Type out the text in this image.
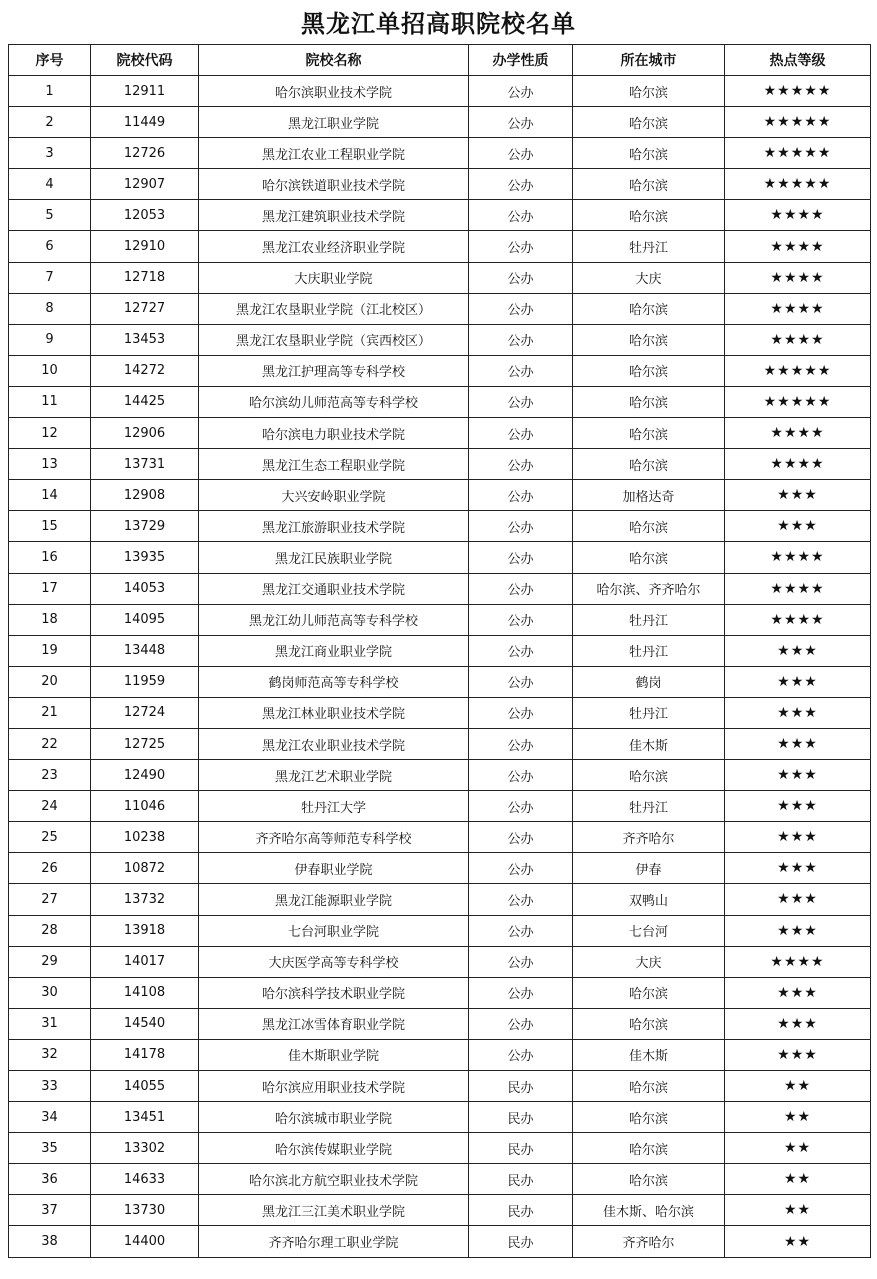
黑龙江单招高职院校名单
序号	院校代码	院校名称	办学性质	所在城市	热点等级
1	12911	哈尔滨职业技术学院	公办	哈尔滨	★★★★★
2	11449	黑龙江职业学院	公办	哈尔滨	★★★★★
3	12726	黑龙江农业工程职业学院	公办	哈尔滨	★★★★★
4	12907	哈尔滨铁道职业技术学院	公办	哈尔滨	★★★★★
5	12053	黑龙江建筑职业技术学院	公办	哈尔滨	★★★★
6	12910	黑龙江农业经济职业学院	公办	牡丹江	★★★★
7	12718	大庆职业学院	公办	大庆	★★★★
8	12727	黑龙江农垦职业学院（江北校区）	公办	哈尔滨	★★★★
9	13453	黑龙江农垦职业学院（宾西校区）	公办	哈尔滨	★★★★
10	14272	黑龙江护理高等专科学校	公办	哈尔滨	★★★★★
11	14425	哈尔滨幼儿师范高等专科学校	公办	哈尔滨	★★★★★
12	12906	哈尔滨电力职业技术学院	公办	哈尔滨	★★★★
13	13731	黑龙江生态工程职业学院	公办	哈尔滨	★★★★
14	12908	大兴安岭职业学院	公办	加格达奇	★★★
15	13729	黑龙江旅游职业技术学院	公办	哈尔滨	★★★
16	13935	黑龙江民族职业学院	公办	哈尔滨	★★★★
17	14053	黑龙江交通职业技术学院	公办	哈尔滨、齐齐哈尔	★★★★
18	14095	黑龙江幼儿师范高等专科学校	公办	牡丹江	★★★★
19	13448	黑龙江商业职业学院	公办	牡丹江	★★★
20	11959	鹤岗师范高等专科学校	公办	鹤岗	★★★
21	12724	黑龙江林业职业技术学院	公办	牡丹江	★★★
22	12725	黑龙江农业职业技术学院	公办	佳木斯	★★★
23	12490	黑龙江艺术职业学院	公办	哈尔滨	★★★
24	11046	牡丹江大学	公办	牡丹江	★★★
25	10238	齐齐哈尔高等师范专科学校	公办	齐齐哈尔	★★★
26	10872	伊春职业学院	公办	伊春	★★★
27	13732	黑龙江能源职业学院	公办	双鸭山	★★★
28	13918	七台河职业学院	公办	七台河	★★★
29	14017	大庆医学高等专科学校	公办	大庆	★★★★
30	14108	哈尔滨科学技术职业学院	公办	哈尔滨	★★★
31	14540	黑龙江冰雪体育职业学院	公办	哈尔滨	★★★
32	14178	佳木斯职业学院	公办	佳木斯	★★★
33	14055	哈尔滨应用职业技术学院	民办	哈尔滨	★★
34	13451	哈尔滨城市职业学院	民办	哈尔滨	★★
35	13302	哈尔滨传媒职业学院	民办	哈尔滨	★★
36	14633	哈尔滨北方航空职业技术学院	民办	哈尔滨	★★
37	13730	黑龙江三江美术职业学院	民办	佳木斯、哈尔滨	★★
38	14400	齐齐哈尔理工职业学院	民办	齐齐哈尔	★★
